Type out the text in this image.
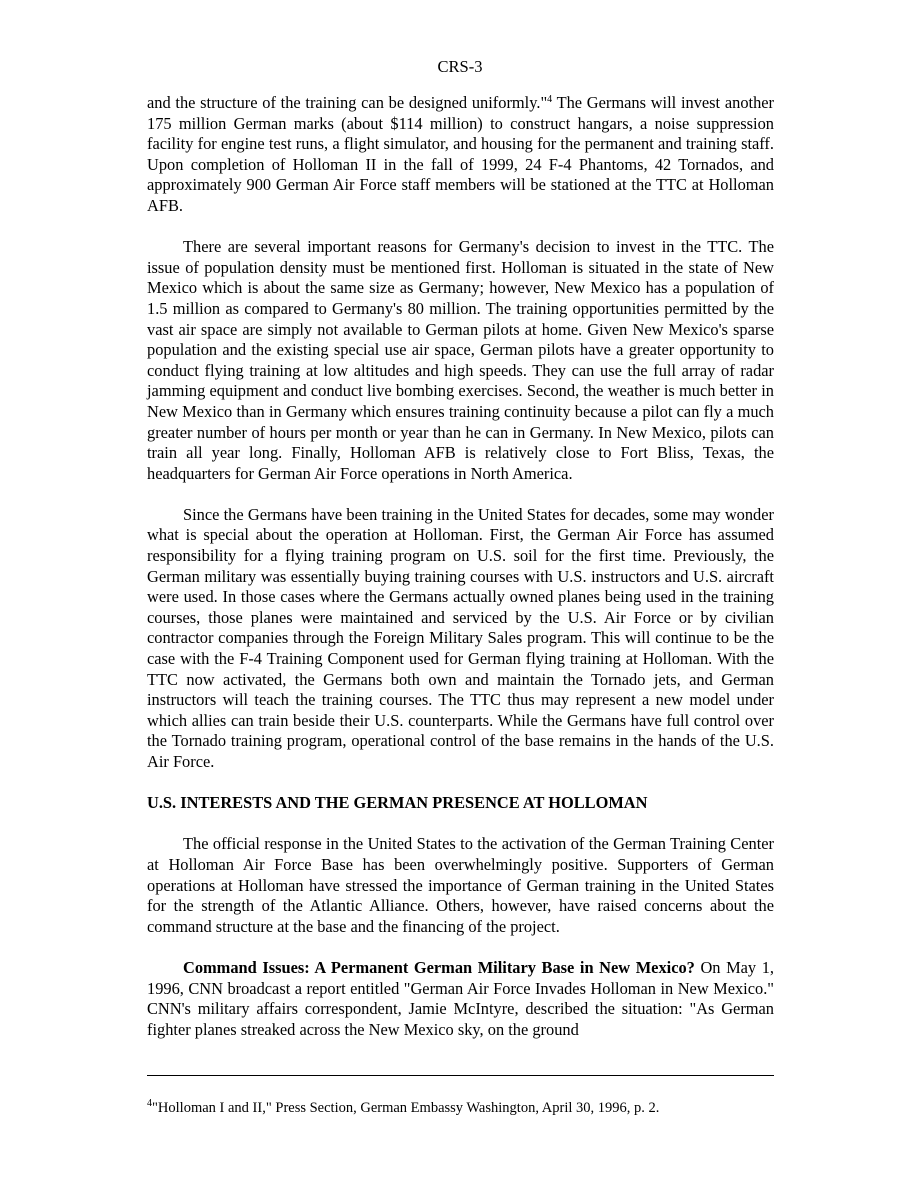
CRS-3

and the structure of the training can be designed uniformly."$^4$ The Germans will invest another 175 million German marks (about $114 million) to construct hangars, a noise suppression facility for engine test runs, a flight simulator, and housing for the permanent and training staff. Upon completion of Holloman II in the fall of 1999, 24 F-4 Phantoms, 42 Tornados, and approximately 900 German Air Force staff members will be stationed at the TTC at Holloman AFB.

There are several important reasons for Germany's decision to invest in the TTC. The issue of population density must be mentioned first. Holloman is situated in the state of New Mexico which is about the same size as Germany; however, New Mexico has a population of 1.5 million as compared to Germany's 80 million. The training opportunities permitted by the vast air space are simply not available to German pilots at home. Given New Mexico's sparse population and the existing special use air space, German pilots have a greater opportunity to conduct flying training at low altitudes and high speeds. They can use the full array of radar jamming equipment and conduct live bombing exercises. Second, the weather is much better in New Mexico than in Germany which ensures training continuity because a pilot can fly a much greater number of hours per month or year than he can in Germany. In New Mexico, pilots can train all year long. Finally, Holloman AFB is relatively close to Fort Bliss, Texas, the headquarters for German Air Force operations in North America.

Since the Germans have been training in the United States for decades, some may wonder what is special about the operation at Holloman. First, the German Air Force has assumed responsibility for a flying training program on U.S. soil for the first time. Previously, the German military was essentially buying training courses with U.S. instructors and U.S. aircraft were used. In those cases where the Germans actually owned planes being used in the training courses, those planes were maintained and serviced by the U.S. Air Force or by civilian contractor companies through the Foreign Military Sales program. This will continue to be the case with the F-4 Training Component used for German flying training at Holloman. With the TTC now activated, the Germans both own and maintain the Tornado jets, and German instructors will teach the training courses. The TTC thus may represent a new model under which allies can train beside their U.S. counterparts. While the Germans have full control over the Tornado training program, operational control of the base remains in the hands of the U.S. Air Force.

U.S. INTERESTS AND THE GERMAN PRESENCE AT HOLLOMAN

The official response in the United States to the activation of the German Training Center at Holloman Air Force Base has been overwhelmingly positive. Supporters of German operations at Holloman have stressed the importance of German training in the United States for the strength of the Atlantic Alliance. Others, however, have raised concerns about the command structure at the base and the financing of the project.

Command Issues: A Permanent German Military Base in New Mexico? On May 1, 1996, CNN broadcast a report entitled "German Air Force Invades Holloman in New Mexico." CNN's military affairs correspondent, Jamie McIntyre, described the situation: "As German fighter planes streaked across the New Mexico sky, on the ground

$^4$"Holloman I and II," Press Section, German Embassy Washington, April 30, 1996, p. 2.
